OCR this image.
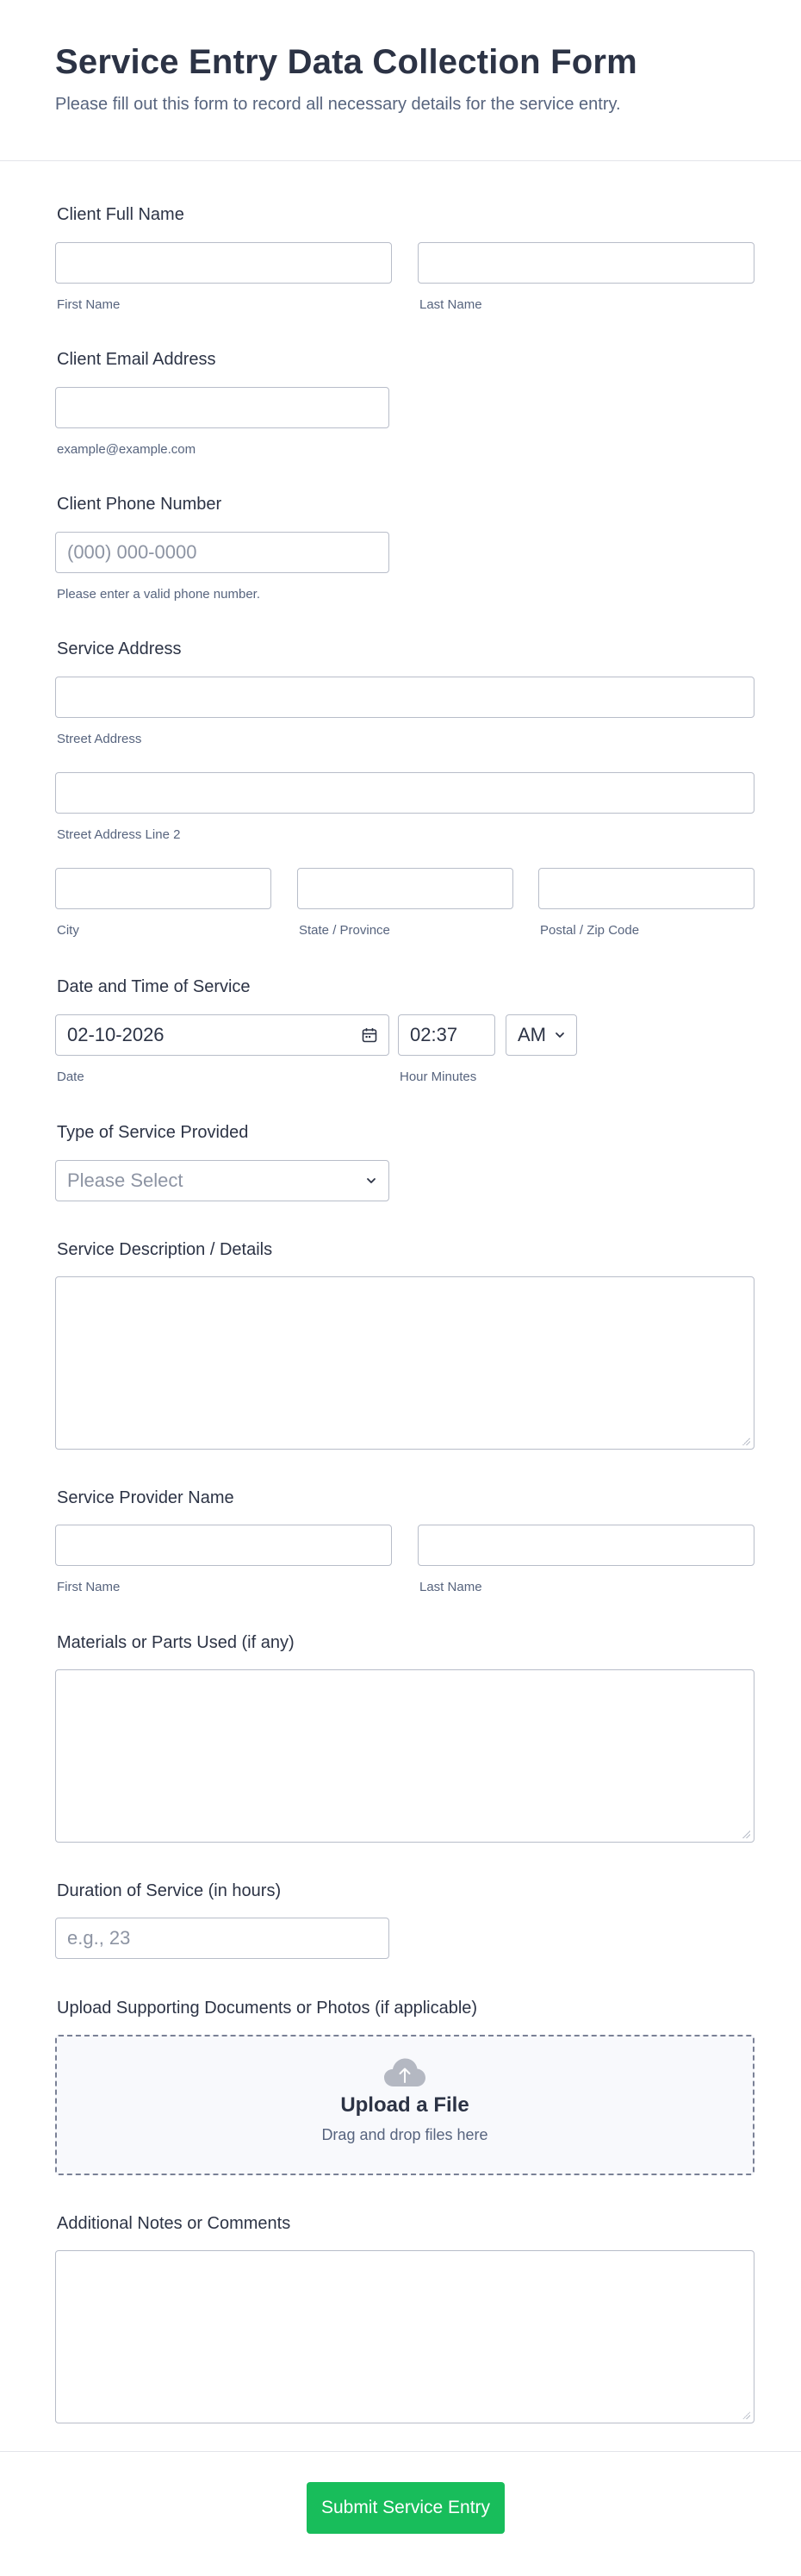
Service Entry Data Collection Form
Please fill out this form to record all necessary details for the service entry.
Client Full Name
First Name	Last Name
Client Email Address
example@example.com
Client Phone Number
(000) 000-0000
Please enter a valid phone number.
Service Address
Street Address
Street Address Line 2
City	State / Province	Postal / Zip Code
Date and Time of Service
02-10-2026	02:37	AM
Date	Hour Minutes
Type of Service Provided
Please Select
Service Description / Details
Service Provider Name
First Name	Last Name
Materials or Parts Used (if any)
Duration of Service (in hours)
e.g., 23
Upload Supporting Documents or Photos (if applicable)
Upload a File
Drag and drop files here
Additional Notes or Comments
Submit Service Entry
